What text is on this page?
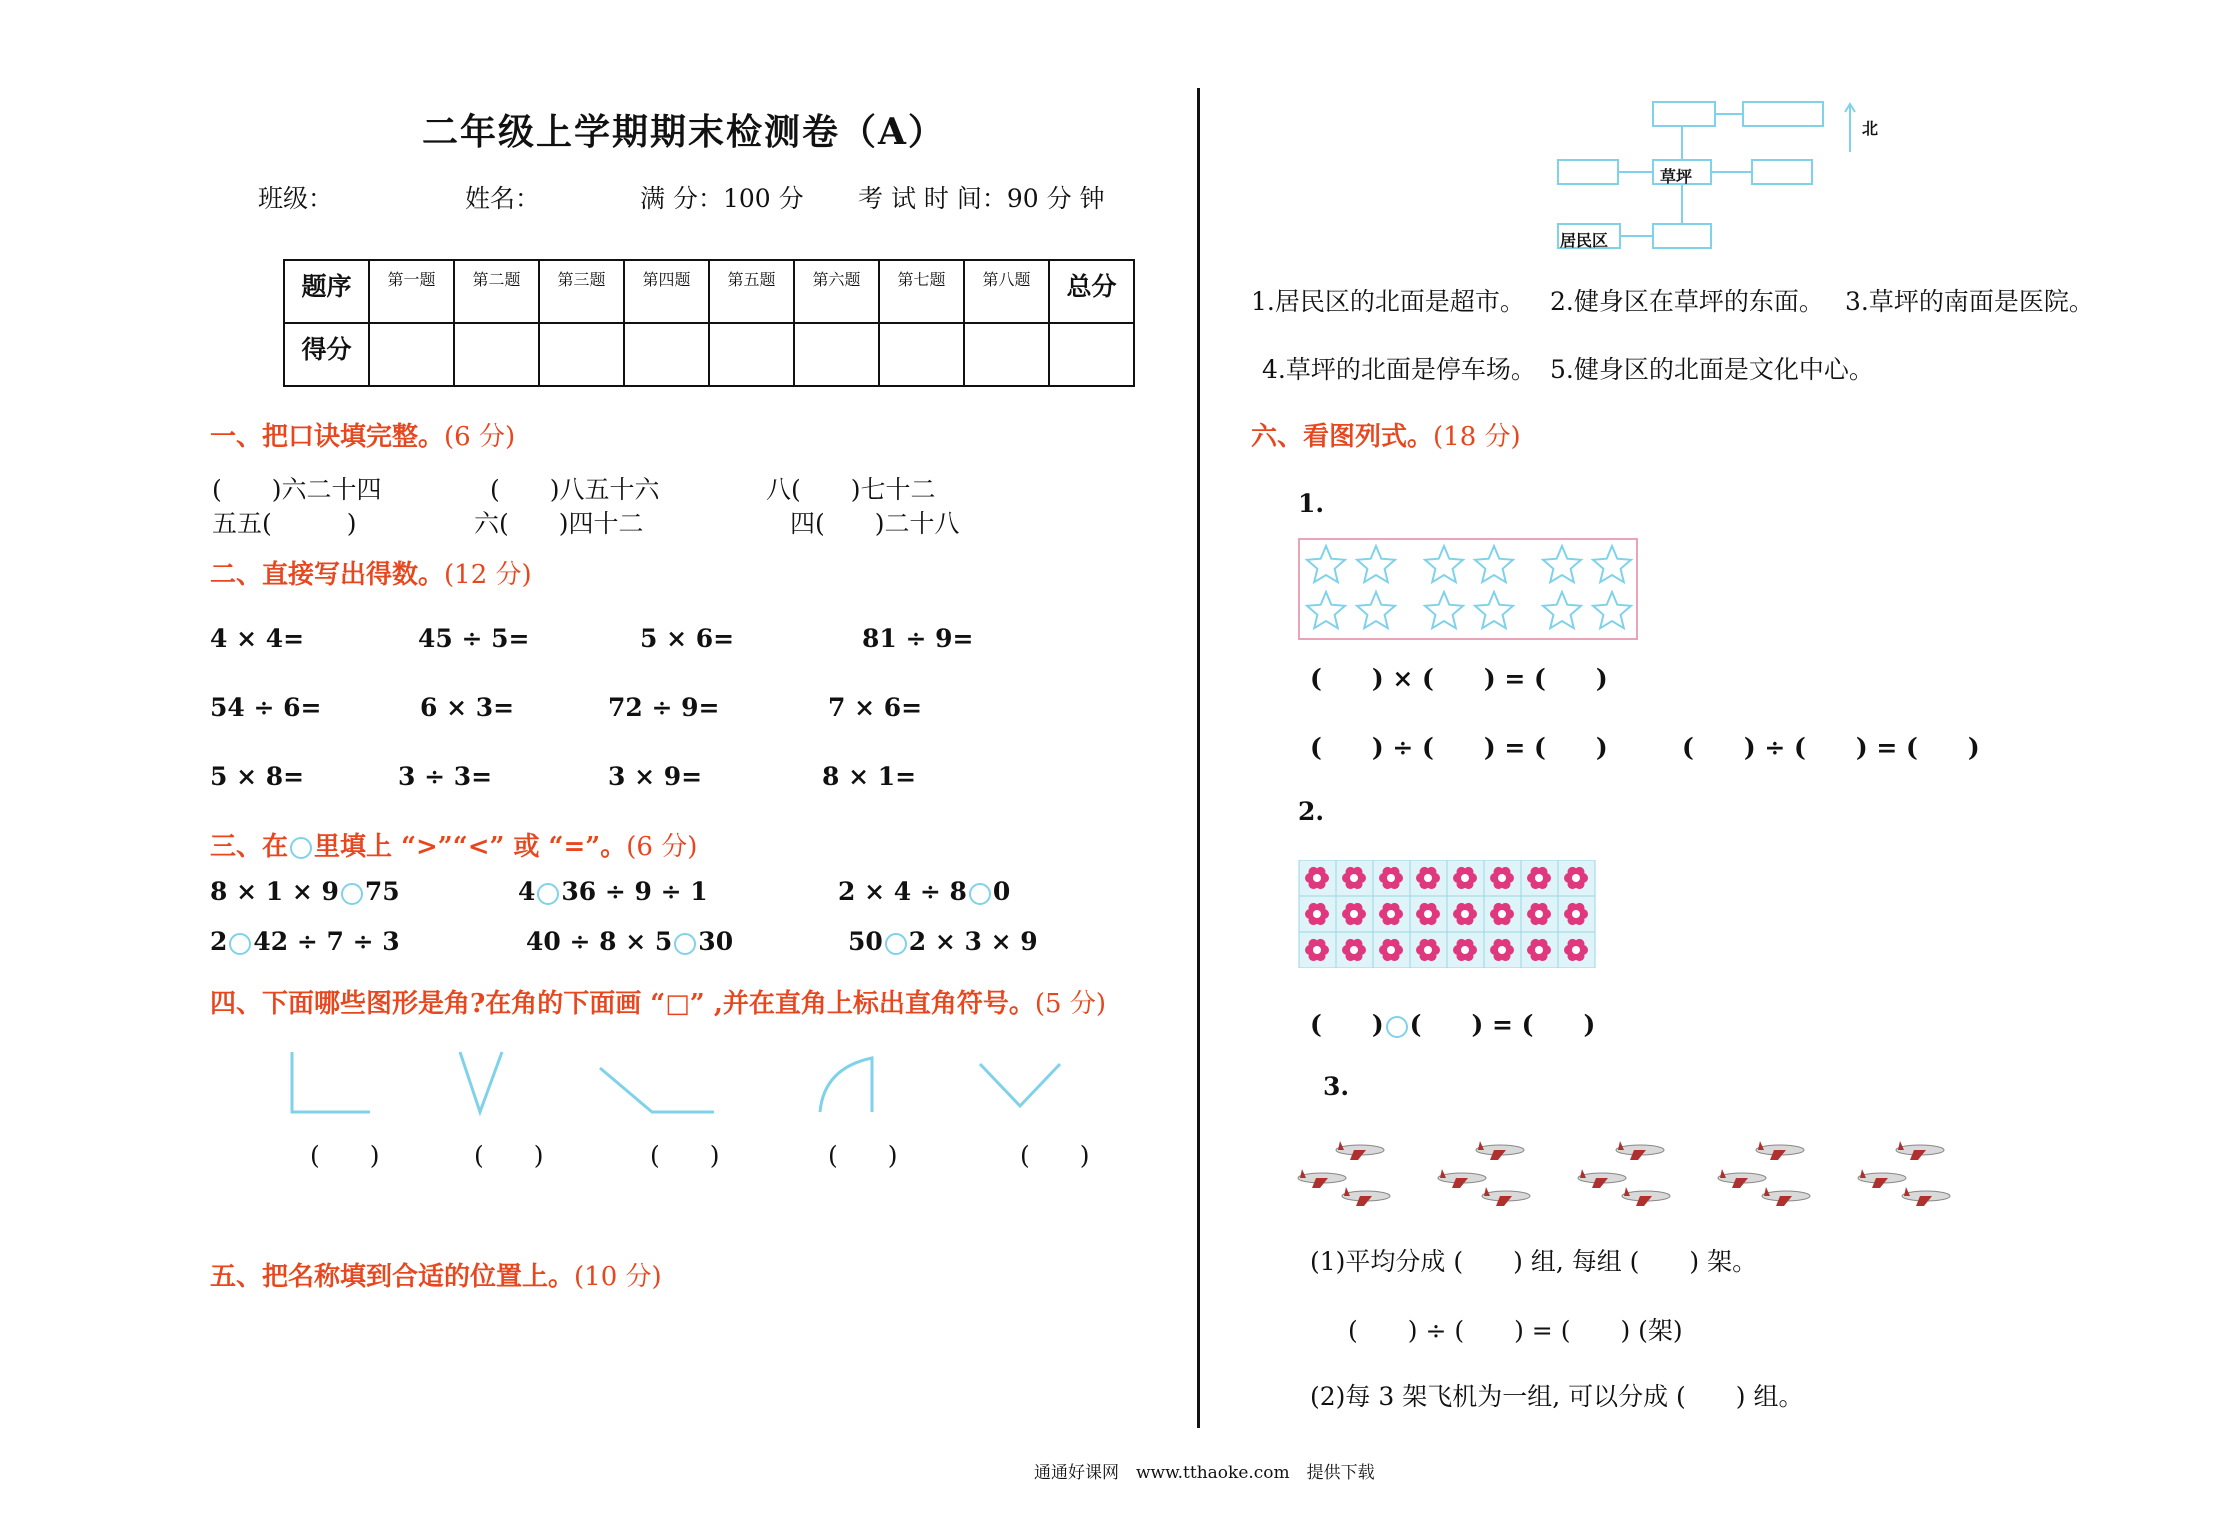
二年级上学期期末检测卷（A）
班级：	姓名：	满 分：100 分 考 试 时 间：90 分 钟
题序	第一题	第二题	第三题	第四题	第五题	第六题	第七题	第八题	总分
得分									
一、把口诀填完整。(6 分)
(　　)六二十四	(　　)八五十六	八(　　)七十二
五五(　　　)	六(　　)四十二	四(　　)二十八
二、直接写出得数。(12 分)
4 × 4=	45 ÷ 5=	5 × 6=	81 ÷ 9=
54 ÷ 6=	6 × 3=	72 ÷ 9=	7 × 6=
5 × 8=	3 ÷ 3=	3 × 9=	8 × 1=
三、在 里填上 “>”“<” 或 “=”。(6 分)
8 × 1 × 9 75	4 36 ÷ 9 ÷ 1	2 × 4 ÷ 8 0
2 42 ÷ 7 ÷ 3	40 ÷ 8 × 5 30	50 2 × 3 × 9
四、下面哪些图形是角?在角的下面画 “□” ,并在直角上标出直角符号。(5 分)
(　　)	(　　)	(　　)	(　　)	(　　)
五、把名称填到合适的位置上。(10 分)
草坪
居民区
北
1.居民区的北面是超市。 2.健身区在草坪的东面。 3.草坪的南面是医院。
4.草坪的北面是停车场。 5.健身区的北面是文化中心。
六、看图列式。(18 分)
1.
(　　) × (　　) = (　　)
(　　) ÷ (　　) = (　　)	(　　) ÷ (　　) = (　　)
2.
(　　) (　　) = (　　)
3.
(1)平均分成 (　　) 组, 每组 (　　) 架。
(　　) ÷ (　　) = (　　) (架)
(2)每 3 架飞机为一组, 可以分成 (　　) 组。
通通好课网　www.tthaoke.com　提供下载
